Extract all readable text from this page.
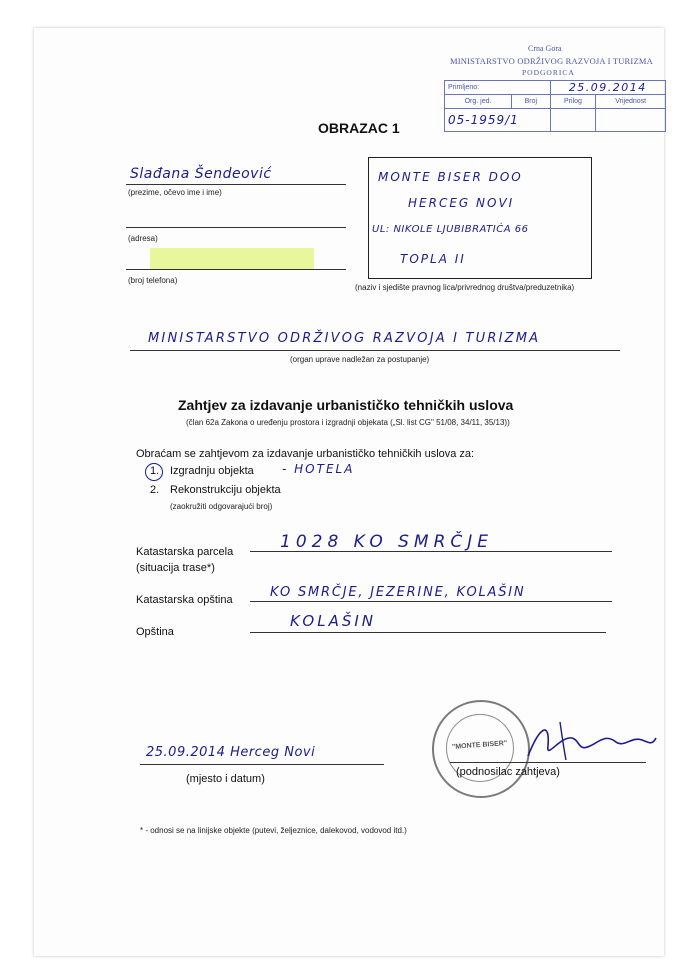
Crna Gora
MINISTARSTVO ODRŽIVOG RAZVOJA I TURIZMA
PODGORICA
Primljeno:		25.09.2014	
Org. jed.	Broj	Prilog	Vrijednost
05-1959/1			
OBRAZAC 1
Slađana Šendeović
(prezime, očevo ime i ime)
(adresa)
(broj telefona)
MONTE BISER DOO
HERCEG NOVI
UL: NIKOLE LJUBIBRATIĆA 66
TOPLA II
(naziv i sjedište pravnog lica/privrednog društva/preduzetnika)
MINISTARSTVO ODRŽIVOG RAZVOJA I TURIZMA
(organ uprave nadležan za postupanje)
Zahtjev za izdavanje urbanističko tehničkih uslova
(član 62a Zakona o uređenju prostora i izgradnji objekata („Sl. list CG" 51/08, 34/11, 35/13))
Obraćam se zahtjevom za izdavanje urbanističko tehničkih uslova za:
1. Izgradnju objekta - HOTELA
2. Rekonstrukciju objekta
(zaokružiti odgovarajući broj)
Katastarska parcela
(situacija trase*)
1028 KO SMRČJE
Katastarska opština	KO SMRČJE, JEZERINE, KOLAŠIN
Opština
KOLAŠIN
25.09.2014 Herceg Novi
(mjesto i datum)
"MONTE BISER"
(podnosilac zahtjeva)
* - odnosi se na linijske objekte (putevi, željeznice, dalekovod, vodovod itd.)
